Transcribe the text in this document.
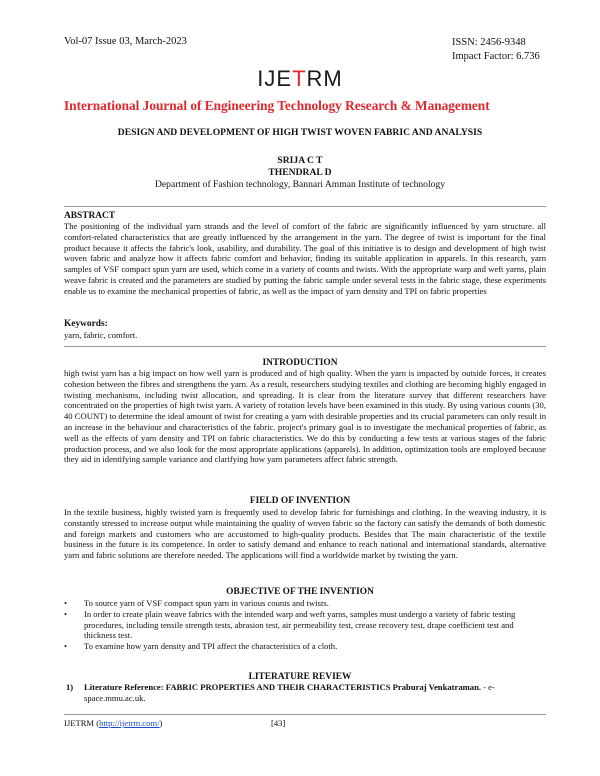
Vol-07 Issue 03, March-2023	ISSN: 2456-9348
Impact Factor: 6.736
IJETRM
International Journal of Engineering Technology Research & Management
DESIGN AND DEVELOPMENT OF HIGH TWIST WOVEN FABRIC AND ANALYSIS
SRIJA C T
THENDRAL D
Department of Fashion technology, Bannari Amman Institute of technology
ABSTRACT
The positioning of the individual yarn strands and the level of comfort of the fabric are significantly influenced by yarn structure. all comfort-related characteristics that are greatly influenced by the arrangement in the yarn. The degree of twist is important for the final product because it affects the fabric's look, usability, and durability. The goal of this initiative is to design and development of high twist woven fabric and analyze how it affects fabric comfort and behavior, finding its suitable application in apparels. In this research, yarn samples of VSF compact spun yarn are used, which come in a variety of counts and twists. With the appropriate warp and weft yarns, plain weave fabric is created and the parameters are studied by putting the fabric sample under several tests in the fabric stage, these experiments enable us to examine the mechanical properties of fabric, as well as the impact of yarn density and TPI on fabric properties
Keywords:
yarn, fabric, comfort.
INTRODUCTION
high twist yarn has a big impact on how well yarn is produced and of high quality. When the yarn is impacted by outside forces, it creates cohesion between the fibres and strengthens the yarn. As a result, researchers studying textiles and clothing are becoming highly engaged in twisting mechanisms, including twist allocation, and spreading. It is clear from the literature survey that different researchers have concentrated on the properties of high twist yarn. A variety of rotation levels have been examined in this study. By using various counts (30, 40 COUNT) to determine the ideal amount of twist for creating a yarn with desirable properties and its crucial parameters can only result in an increase in the behaviour and characteristics of the fabric. project's primary goal is to investigate the mechanical properties of fabric, as well as the effects of yarn density and TPI on fabric characteristics. We do this by conducting a few tests at various stages of the fabric production process, and we also look for the most appropriate applications (apparels). In addition, optimization tools are employed because they aid in identifying sample variance and clarifying how yarn parameters affect fabric strength.
FIELD OF INVENTION
In the textile business, highly twisted yarn is frequently used to develop fabric for furnishings and clothing. In the weaving industry, it is constantly stressed to increase output while maintaining the quality of woven fabric so the factory can satisfy the demands of both domestic and foreign markets and customers who are accustomed to high-quality products. Besides that The main characteristic of the textile business in the future is its competence. In order to satisfy demand and enhance to reach national and international standards, alternative yarn and fabric solutions are therefore needed. The applications will find a worldwide market by twisting the yarn.
OBJECTIVE OF THE INVENTION
• To source yarn of VSF compact spun yarn in various counts and twists.
• In order to create plain weave fabrics with the intended warp and weft yarns, samples must undergo a variety of fabric testing procedures, including tensile strength tests, abrasion test, air permeability test, crease recovery test, drape coefficient test and thickness test.
• To examine how yarn density and TPI affect the characteristics of a cloth.
LITERATURE REVIEW
1) Literature Reference: FABRIC PROPERTIES AND THEIR CHARACTERISTICS Praburaj Venkatraman. - e-space.mmu.ac.uk.
IJETRM (http://ijetrm.com/)	[43]
